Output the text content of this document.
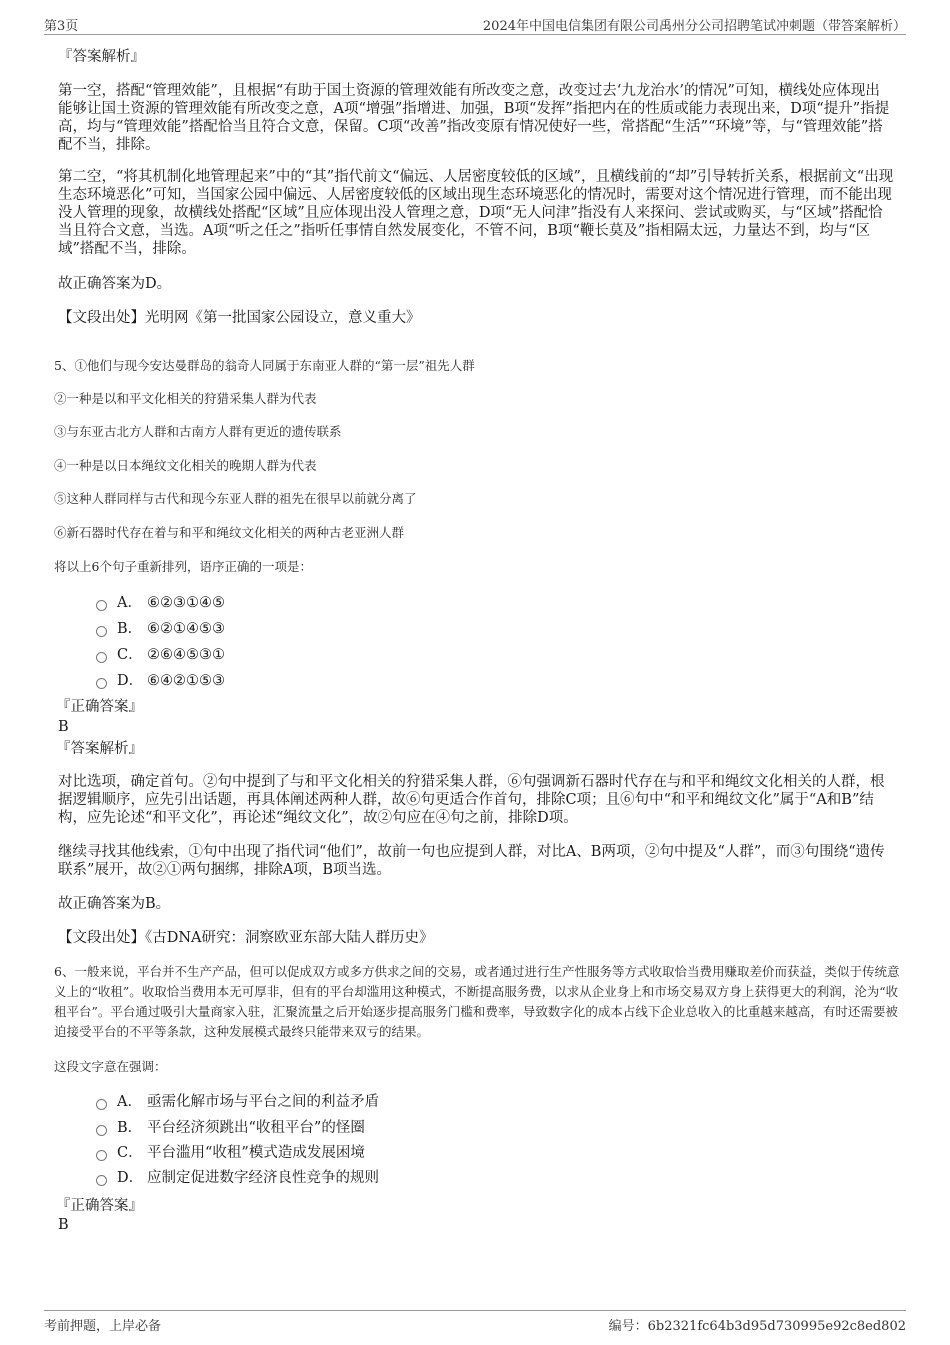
第3页	2024年中国电信集团有限公司禹州分公司招聘笔试冲刺题（带答案解析）
『答案解析』
第一空，搭配“管理效能”，且根据“有助于国土资源的管理效能有所改变之意，改变过去‘九龙治水’的情况”可知，横线处应体现出能够让国土资源的管理效能有所改变之意，A项“增强”指增进、加强，B项“发挥”指把内在的性质或能力表现出来，D项“提升”指提高，均与“管理效能”搭配恰当且符合文意，保留。C项“改善”指改变原有情况使好一些，常搭配“生活”“环境”等，与“管理效能”搭配不当，排除。
第二空，“将其机制化地管理起来”中的“其”指代前文“偏远、人居密度较低的区域”，且横线前的“却”引导转折关系，根据前文“出现生态环境恶化”可知，当国家公园中偏远、人居密度较低的区域出现生态环境恶化的情况时，需要对这个情况进行管理，而不能出现没人管理的现象，故横线处搭配“区域”且应体现出没人管理之意，D项“无人问津”指没有人来探问、尝试或购买，与“区域”搭配恰当且符合文意，当选。A项“听之任之”指听任事情自然发展变化，不管不问，B项“鞭长莫及”指相隔太远，力量达不到，均与“区域”搭配不当，排除。
故正确答案为D。
【文段出处】光明网《第一批国家公园设立，意义重大》
5、①他们与现今安达曼群岛的翁奇人同属于东南亚人群的“第一层”祖先人群
②一种是以和平文化相关的狩猎采集人群为代表
③与东亚古北方人群和古南方人群有更近的遗传联系
④一种是以日本绳纹文化相关的晚期人群为代表
⑤这种人群同样与古代和现今东亚人群的祖先在很早以前就分离了
⑥新石器时代存在着与和平和绳纹文化相关的两种古老亚洲人群
将以上6个句子重新排列，语序正确的一项是：
A． ⑥②③①④⑤
B． ⑥②①④⑤③
C． ②⑥④⑤③①
D． ⑥④②①⑤③
『正确答案』
B
『答案解析』
对比选项，确定首句。②句中提到了与和平文化相关的狩猎采集人群，⑥句强调新石器时代存在与和平和绳纹文化相关的人群，根据逻辑顺序，应先引出话题，再具体阐述两种人群，故⑥句更适合作首句，排除C项；且⑥句中“和平和绳纹文化”属于“A和B”结构，应先论述“和平文化”，再论述“绳纹文化”，故②句应在④句之前，排除D项。
继续寻找其他线索，①句中出现了指代词“他们”，故前一句也应提到人群，对比A、B两项，②句中提及“人群”，而③句围绕“遗传联系”展开，故②①两句捆绑，排除A项，B项当选。
故正确答案为B。
【文段出处】《古DNA研究：洞察欧亚东部大陆人群历史》
6、一般来说，平台并不生产产品，但可以促成双方或多方供求之间的交易，或者通过进行生产性服务等方式收取恰当费用赚取差价而获益，类似于传统意义上的“收租”。收取恰当费用本无可厚非，但有的平台却滥用这种模式，不断提高服务费，以求从企业身上和市场交易双方身上获得更大的利润，沦为“收租平台”。平台通过吸引大量商家入驻，汇聚流量之后开始逐步提高服务门槛和费率，导致数字化的成本占线下企业总收入的比重越来越高，有时还需要被迫接受平台的不平等条款，这种发展模式最终只能带来双亏的结果。
这段文字意在强调：
A． 亟需化解市场与平台之间的利益矛盾
B． 平台经济须跳出“收租平台”的怪圈
C． 平台滥用“收租”模式造成发展困境
D． 应制定促进数字经济良性竞争的规则
『正确答案』
B
考前押题，上岸必备	编号：6b2321fc64b3d95d730995e92c8ed802
